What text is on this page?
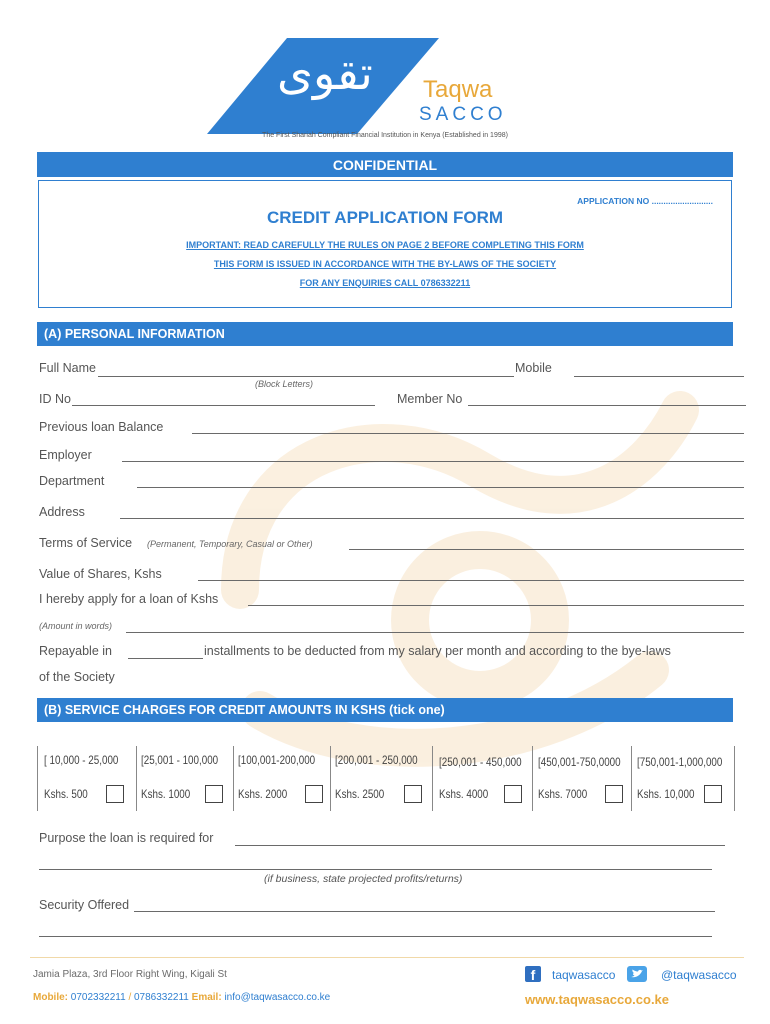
تقوى Taqwa
SACCO
The First Shariah Compliant Financial Institution in Kenya (Established in 1998)
CONFIDENTIAL
APPLICATION NO ..........................
CREDIT APPLICATION FORM
IMPORTANT: READ CAREFULLY THE RULES ON PAGE 2 BEFORE COMPLETING THIS FORM
THIS FORM IS ISSUED IN ACCORDANCE WITH THE BY-LAWS OF THE SOCIETY
FOR ANY ENQUIRIES CALL 0786332211
(A) PERSONAL INFORMATION
Full Name	Mobile
(Block Letters)
ID No	Member No
Previous loan Balance
Employer
Department
Address
Terms of Service (Permanent, Temporary, Casual or Other)
Value of Shares, Kshs
I hereby apply for a loan of Kshs
(Amount in words)
Repayable in	installments to be deducted from my salary per month and according to the bye-laws
of the Society
(B) SERVICE CHARGES FOR CREDIT AMOUNTS IN KSHS (tick one)
[ 10,000 - 25,000
Kshs. 500
[25,001 - 100,000
Kshs. 1000
[100,001-200,000
Kshs. 2000
[200,001 - 250,000
Kshs. 2500
[250,001 - 450,000
Kshs. 4000
[450,001-750,0000
Kshs. 7000
[750,001-1,000,000
Kshs. 10,000
Purpose the loan is required for
(if business, state projected profits/returns)
Security Offered
Jamia Plaza, 3rd Floor Right Wing, Kigali St
Mobile: 0702332211 / 0786332211 Email: info@taqwasacco.co.ke
f	taqwasacco	@taqwasacco
www.taqwasacco.co.ke
